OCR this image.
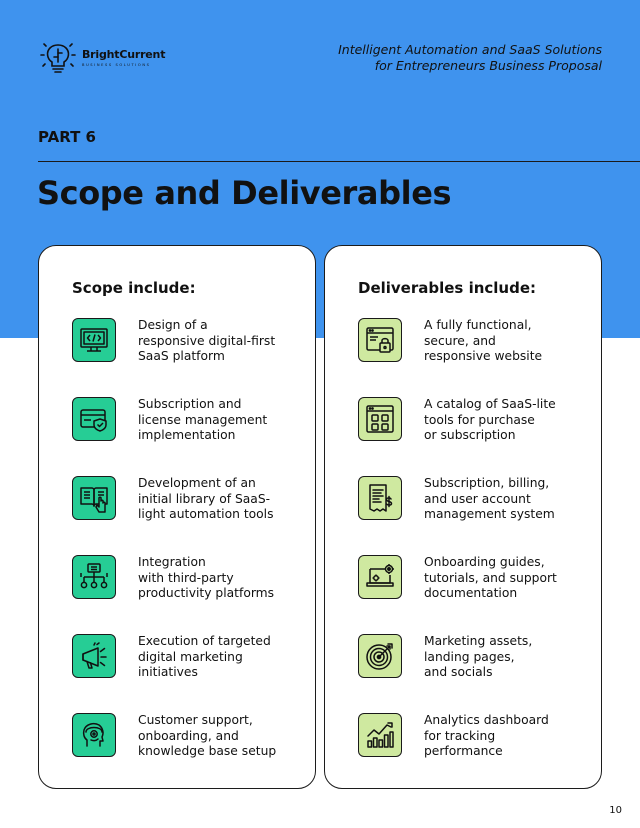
BrightCurrent
BUSINESS SOLUTIONS
Intelligent Automation and SaaS Solutions
for Entrepreneurs Business Proposal
PART 6
Scope and Deliverables
Scope include:
Design of a
responsive digital-first
SaaS platform
Subscription and
license management
implementation
Development of an
initial library of SaaS-
light automation tools
Integration
with third-party
productivity platforms
Execution of targeted
digital marketing
initiatives
Customer support,
onboarding, and
knowledge base setup
Deliverables include:
A fully functional,
secure, and
responsive website
A catalog of SaaS-lite
tools for purchase
or subscription
Subscription, billing,
and user account
management system
Onboarding guides,
tutorials, and support
documentation
Marketing assets,
landing pages,
and socials
Analytics dashboard
for tracking
performance
10
